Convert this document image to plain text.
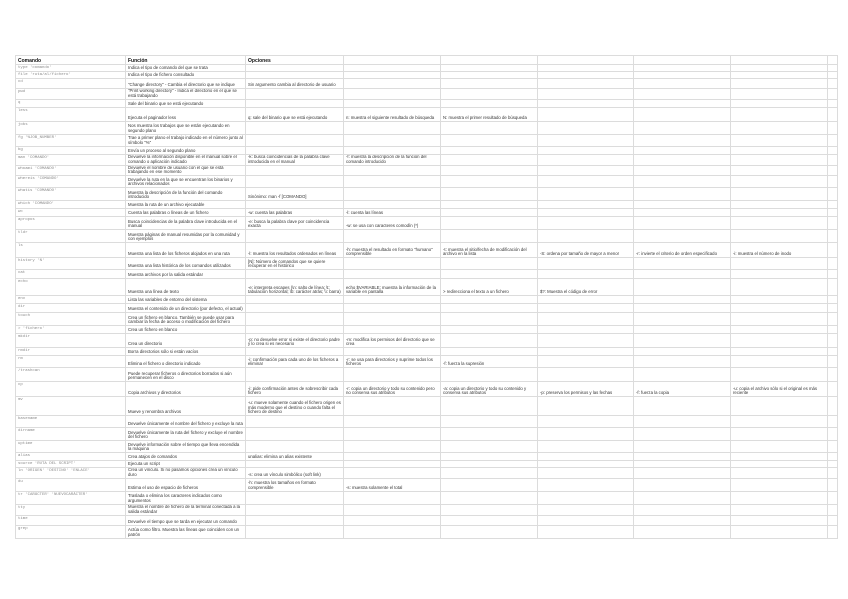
Comando	Función	Opciones						
type 'comando'	Indica el tipo de comando del que se trata							
file 'ruta/al/fichero'	Indica el tipo de fichero consultado							
cd	"Change directory" - Cambia el directorio que se indique	Sin argumento cambia al directorio de usuario						
pwd	"Print working directory" - Indica el directorio en el que se está trabajando							
q	Sale del binario que se está ejecutando							
less	Ejecuta el paginador less	q: sale del binario que se está ejecutando	n: muestra el siguiente resultado de búsqueda	N: muestra el primer resultado de búsqueda				
jobs	Nos muestra los trabajos que se están ejecutando en segundo plano							
fg '%JOB_NUMBER'	Trae a primer plano el trabajo indicado en el número junto al símbolo "%"							
bg	Envía un proceso al segundo plano							
man 'COMANDO'	Devuelve la información disponible en el manual sobre el comando o aplicación indicado	-k: busca coincidencias de la palabra clave introducida en el manual	-f: muestra la descripción de la función del comando introducido					
whoami 'COMANDO'	Devuelve el nombre de usuario con el que se está trabajando en ese momento							
whereis 'COMANDO'	Devuelve la ruta en la que se encuentran los binarios y archivos relacionados							
whatis 'COMANDO'	Muestra la descripción de la función del comando introducido	Sinónimo: man -f [COMANDO]						
which 'COMANDO'	Muestra la ruta de un archivo ejecutable							
wc	Cuenta las palabras o líneas de un fichero	-w: cuenta las palabras	-l: cuenta las líneas					
apropos	Busca coincidencias de la palabra clave introducida en el manual	-e: busca la palabra clave por coincidencia exacta	-w: se usa con caracteres comodín (*)					
tldr	Muestra páginas de manual resumidas por la comunidad y con ejemplos							
ls	Muestra una lista de los ficheros alojados en una ruta	-l: muestra los resultados ordenados en líneas	-h: muestra el resultado en formato "humano" comprensible	-t: muestra el sitio/fecha de modificación del archivo en la lista	-S: ordena por tamaño de mayor a menor	-r: invierte el criterio de orden especificado	-i: muestra el número de inodo	
history 'N'	Muestra una lista histórica de los comandos utilizados	[N]: Número de comandos que se quiere recuperar en el histórico						
cat	Muestra archivos por la salida estándar							
echo	Muestra una línea de texto	-e: interpreta escapes (\n: salto de línea; \t: tabulación horizontal; \b: carácter atrás; \\: barra)	echo $VARIABLE: muestra la información de la variable en pantalla	> redirecciona el texto a un fichero	$?: Muestra el código de error			
env	Lista las variables de entorno del sistema							
dir	Muestra el contenido de un directorio (por defecto, el actual)							
touch	Crea un fichero en blanco. También se puede usar para cambiar la fecha de acceso o modificación del fichero							
> 'fichero'	Crea un fichero en blanco							
mkdir	Crea un directorio	-p: no devuelve error si existe el directorio padre y lo crea si es necesario	-m: modifica los permisos del directorio que se crea					
rmdir	Borra directorios sólo si están vacíos							
rm	Elimina el fichero o directorio indicado	-i: confirmación para cada uno de los ficheros a eliminar	-r: se usa para directorios y suprime todos los ficheros	-f: fuerza la supresión				
/trashcan	Puede recuperar ficheros o directorios borrados si aún permanecen en el disco							
cp	Copia archivos y directorios	-i: pide confirmación antes de sobrescribir cada fichero	-r: copia un directorio y todo su contenido pero no conserva sus atributos	-a: copia un directorio y todo su contenido y conserva sus atributos	-p: preserva los permisos y las fechas	-f: fuerza la copia	-u: copia el archivo sólo si el original es más reciente	
mv	Mueve y renombra archivos	-u: mueve solamente cuando el fichero origen es más moderno que el destino o cuando falta el fichero de destino						
basename	Devuelve únicamente el nombre del fichero y excluye la ruta							
dirname	Devuelve únicamente la ruta del fichero y excluye el nombre del fichero							
uptime	Devuelve información sobre el tiempo que lleva encendida la máquina							
alias	Crea atajos de comandos	unalias: elimina un alias existente						
source 'RUTA DEL SCRIPT'	Ejecuta un script							
ln 'ORIGEN' 'DESTINO' 'ENLACE'	Crea un vínculo. Si no pasamos opciones crea un vínculo duro	-s: crea un vínculo simbólico (soft link)						
du	Estima el uso de espacio de ficheros	-h: muestra los tamaños en formato comprensible	-s: muestra solamente el total					
tr 'CARÁCTER' 'NUEVOCARÁCTER'	Traslada o elimina los caracteres indicados como argumentos							
tty	Muestra el nombre de fichero de la terminal conectada a la salida estándar							
time	Devuelve el tiempo que se tarda en ejecutar un comando							
grep	Actúa como filtro. Muestra las líneas que coinciden con un patrón							
